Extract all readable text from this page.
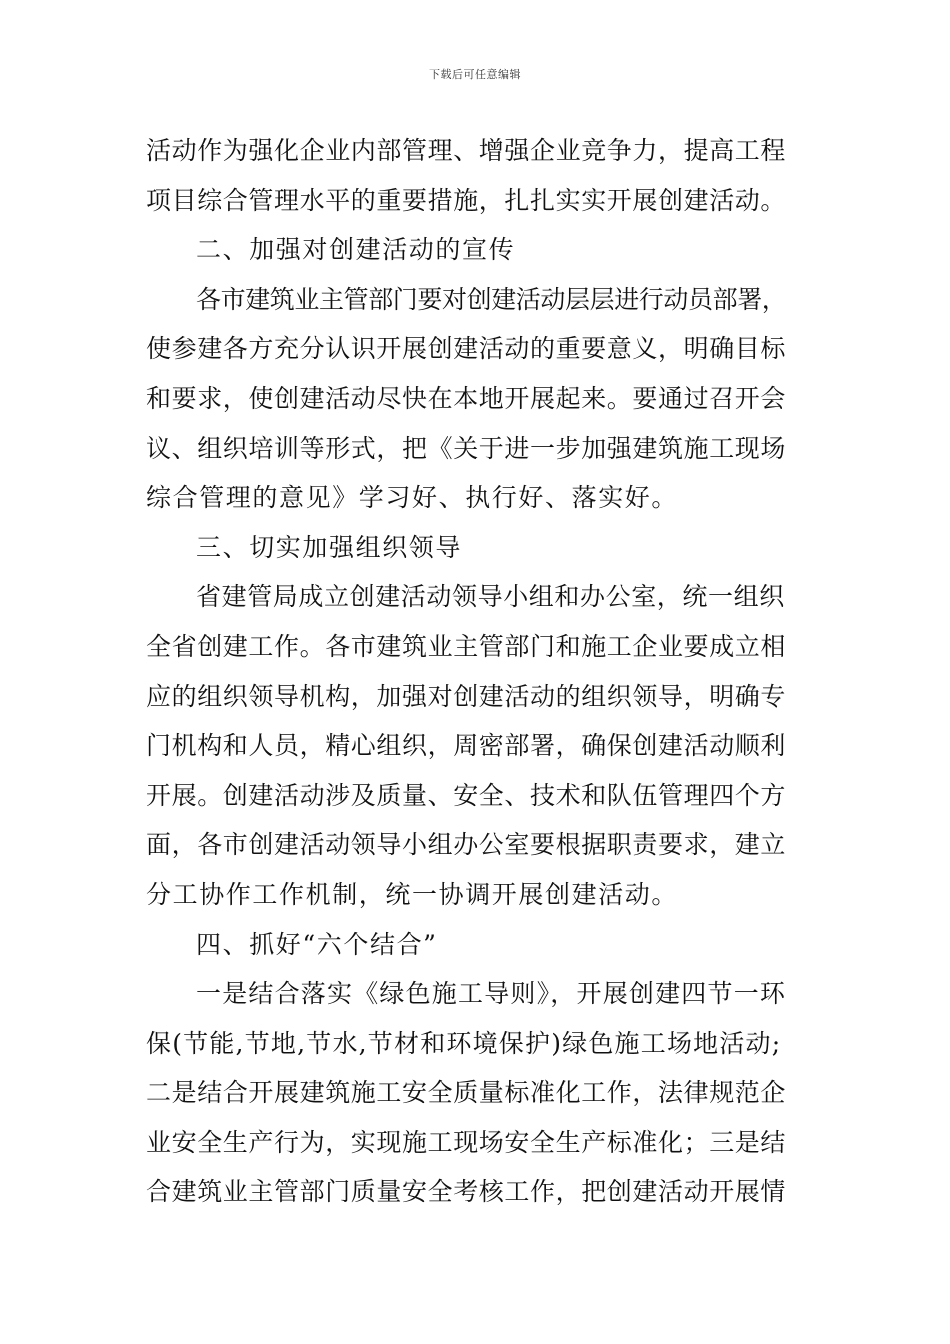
下载后可任意编辑
活动作为强化企业内部管理、增强企业竞争力，提高工程
项目综合管理水平的重要措施，扎扎实实开展创建活动。
二、加强对创建活动的宣传
各市建筑业主管部门要对创建活动层层进行动员部署，
使参建各方充分认识开展创建活动的重要意义，明确目标
和要求，使创建活动尽快在本地开展起来。要通过召开会
议、组织培训等形式，把《关于进一步加强建筑施工现场
综合管理的意见》学习好、执行好、落实好。
三、切实加强组织领导
省建管局成立创建活动领导小组和办公室，统一组织
全省创建工作。各市建筑业主管部门和施工企业要成立相
应的组织领导机构，加强对创建活动的组织领导，明确专
门机构和人员，精心组织，周密部署，确保创建活动顺利
开展。创建活动涉及质量、安全、技术和队伍管理四个方
面，各市创建活动领导小组办公室要根据职责要求，建立
分工协作工作机制，统一协调开展创建活动。
四、抓好“六个结合”
一是结合落实《绿色施工导则》，开展创建四节一环
保(节能,节地,节水,节材和环境保护)绿色施工场地活动;
二是结合开展建筑施工安全质量标准化工作，法律规范企
业安全生产行为，实现施工现场安全生产标准化；三是结
合建筑业主管部门质量安全考核工作，把创建活动开展情
